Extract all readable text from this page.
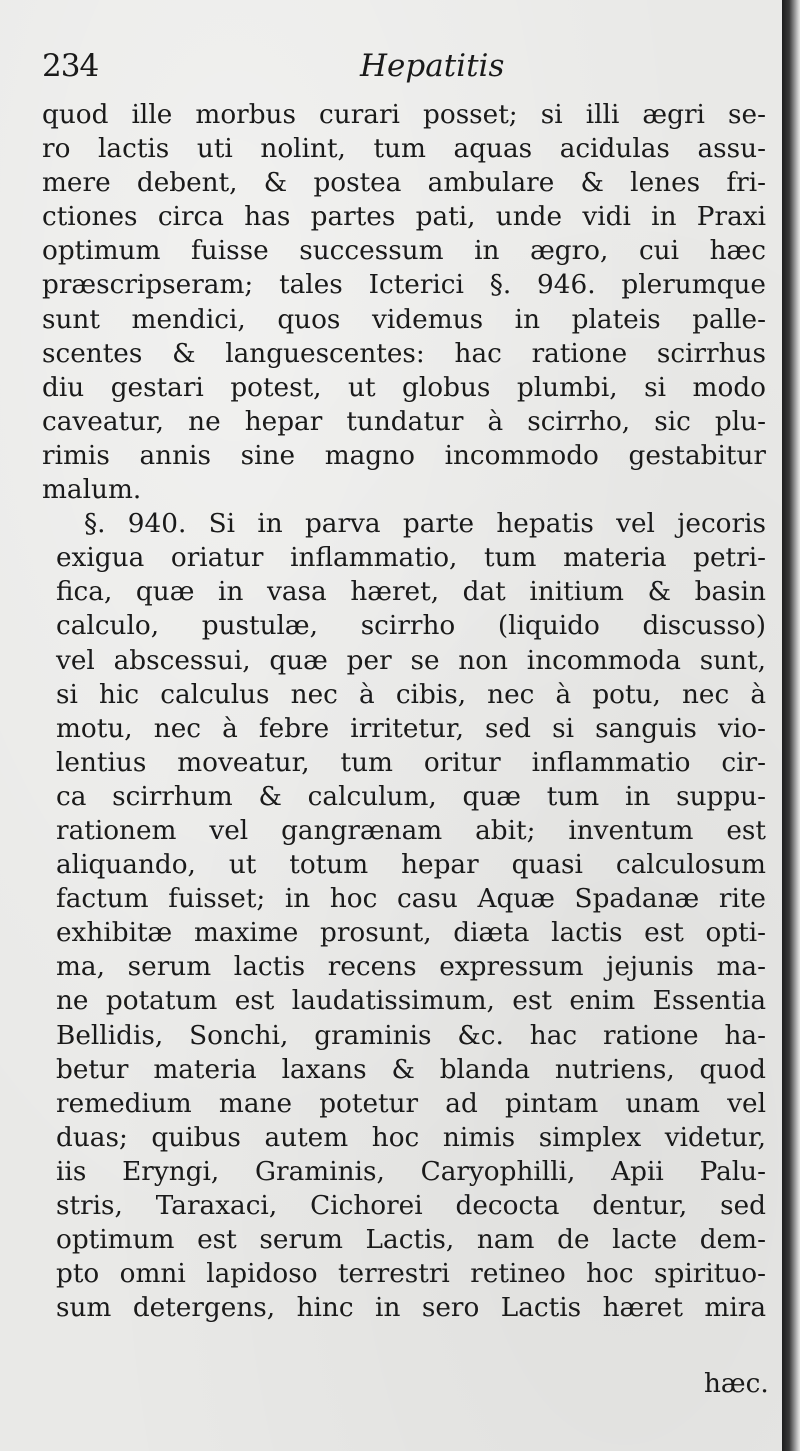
234	Hepatitis
quod ille morbus curari posset; si illi ægri se-
ro lactis uti nolint, tum aquas acidulas assu-
mere debent, & postea ambulare & lenes fri-
ctiones circa has partes pati, unde vidi in Praxi
optimum fuisse successum in ægro, cui hæc
præscripseram; tales Icterici §. 946. plerumque
sunt mendici, quos videmus in plateis palle-
scentes & languescentes: hac ratione scirrhus
diu gestari potest, ut globus plumbi, si modo
caveatur, ne hepar tundatur à scirrho, sic plu-
rimis annis sine magno incommodo gestabitur
malum.
§. 940. Si in parva parte hepatis vel jecoris
exigua oriatur inflammatio, tum materia petri-
fica, quæ in vasa hæret, dat initium & basin
calculo, pustulæ, scirrho (liquido discusso)
vel abscessui, quæ per se non incommoda sunt,
si hic calculus nec à cibis, nec à potu, nec à
motu, nec à febre irritetur, sed si sanguis vio-
lentius moveatur, tum oritur inflammatio cir-
ca scirrhum & calculum, quæ tum in suppu-
rationem vel gangrænam abit; inventum est
aliquando, ut totum hepar quasi calculosum
factum fuisset; in hoc casu Aquæ Spadanæ rite
exhibitæ maxime prosunt, diæta lactis est opti-
ma, serum lactis recens expressum jejunis ma-
ne potatum est laudatissimum, est enim Essentia
Bellidis, Sonchi, graminis &c. hac ratione ha-
betur materia laxans & blanda nutriens, quod
remedium mane potetur ad pintam unam vel
duas; quibus autem hoc nimis simplex videtur,
iis Eryngi, Graminis, Caryophilli, Apii Palu-
stris, Taraxaci, Cichorei decocta dentur, sed
optimum est serum Lactis, nam de lacte dem-
pto omni lapidoso terrestri retineo hoc spirituo-
sum detergens, hinc in sero Lactis hæret mira
hæc.
